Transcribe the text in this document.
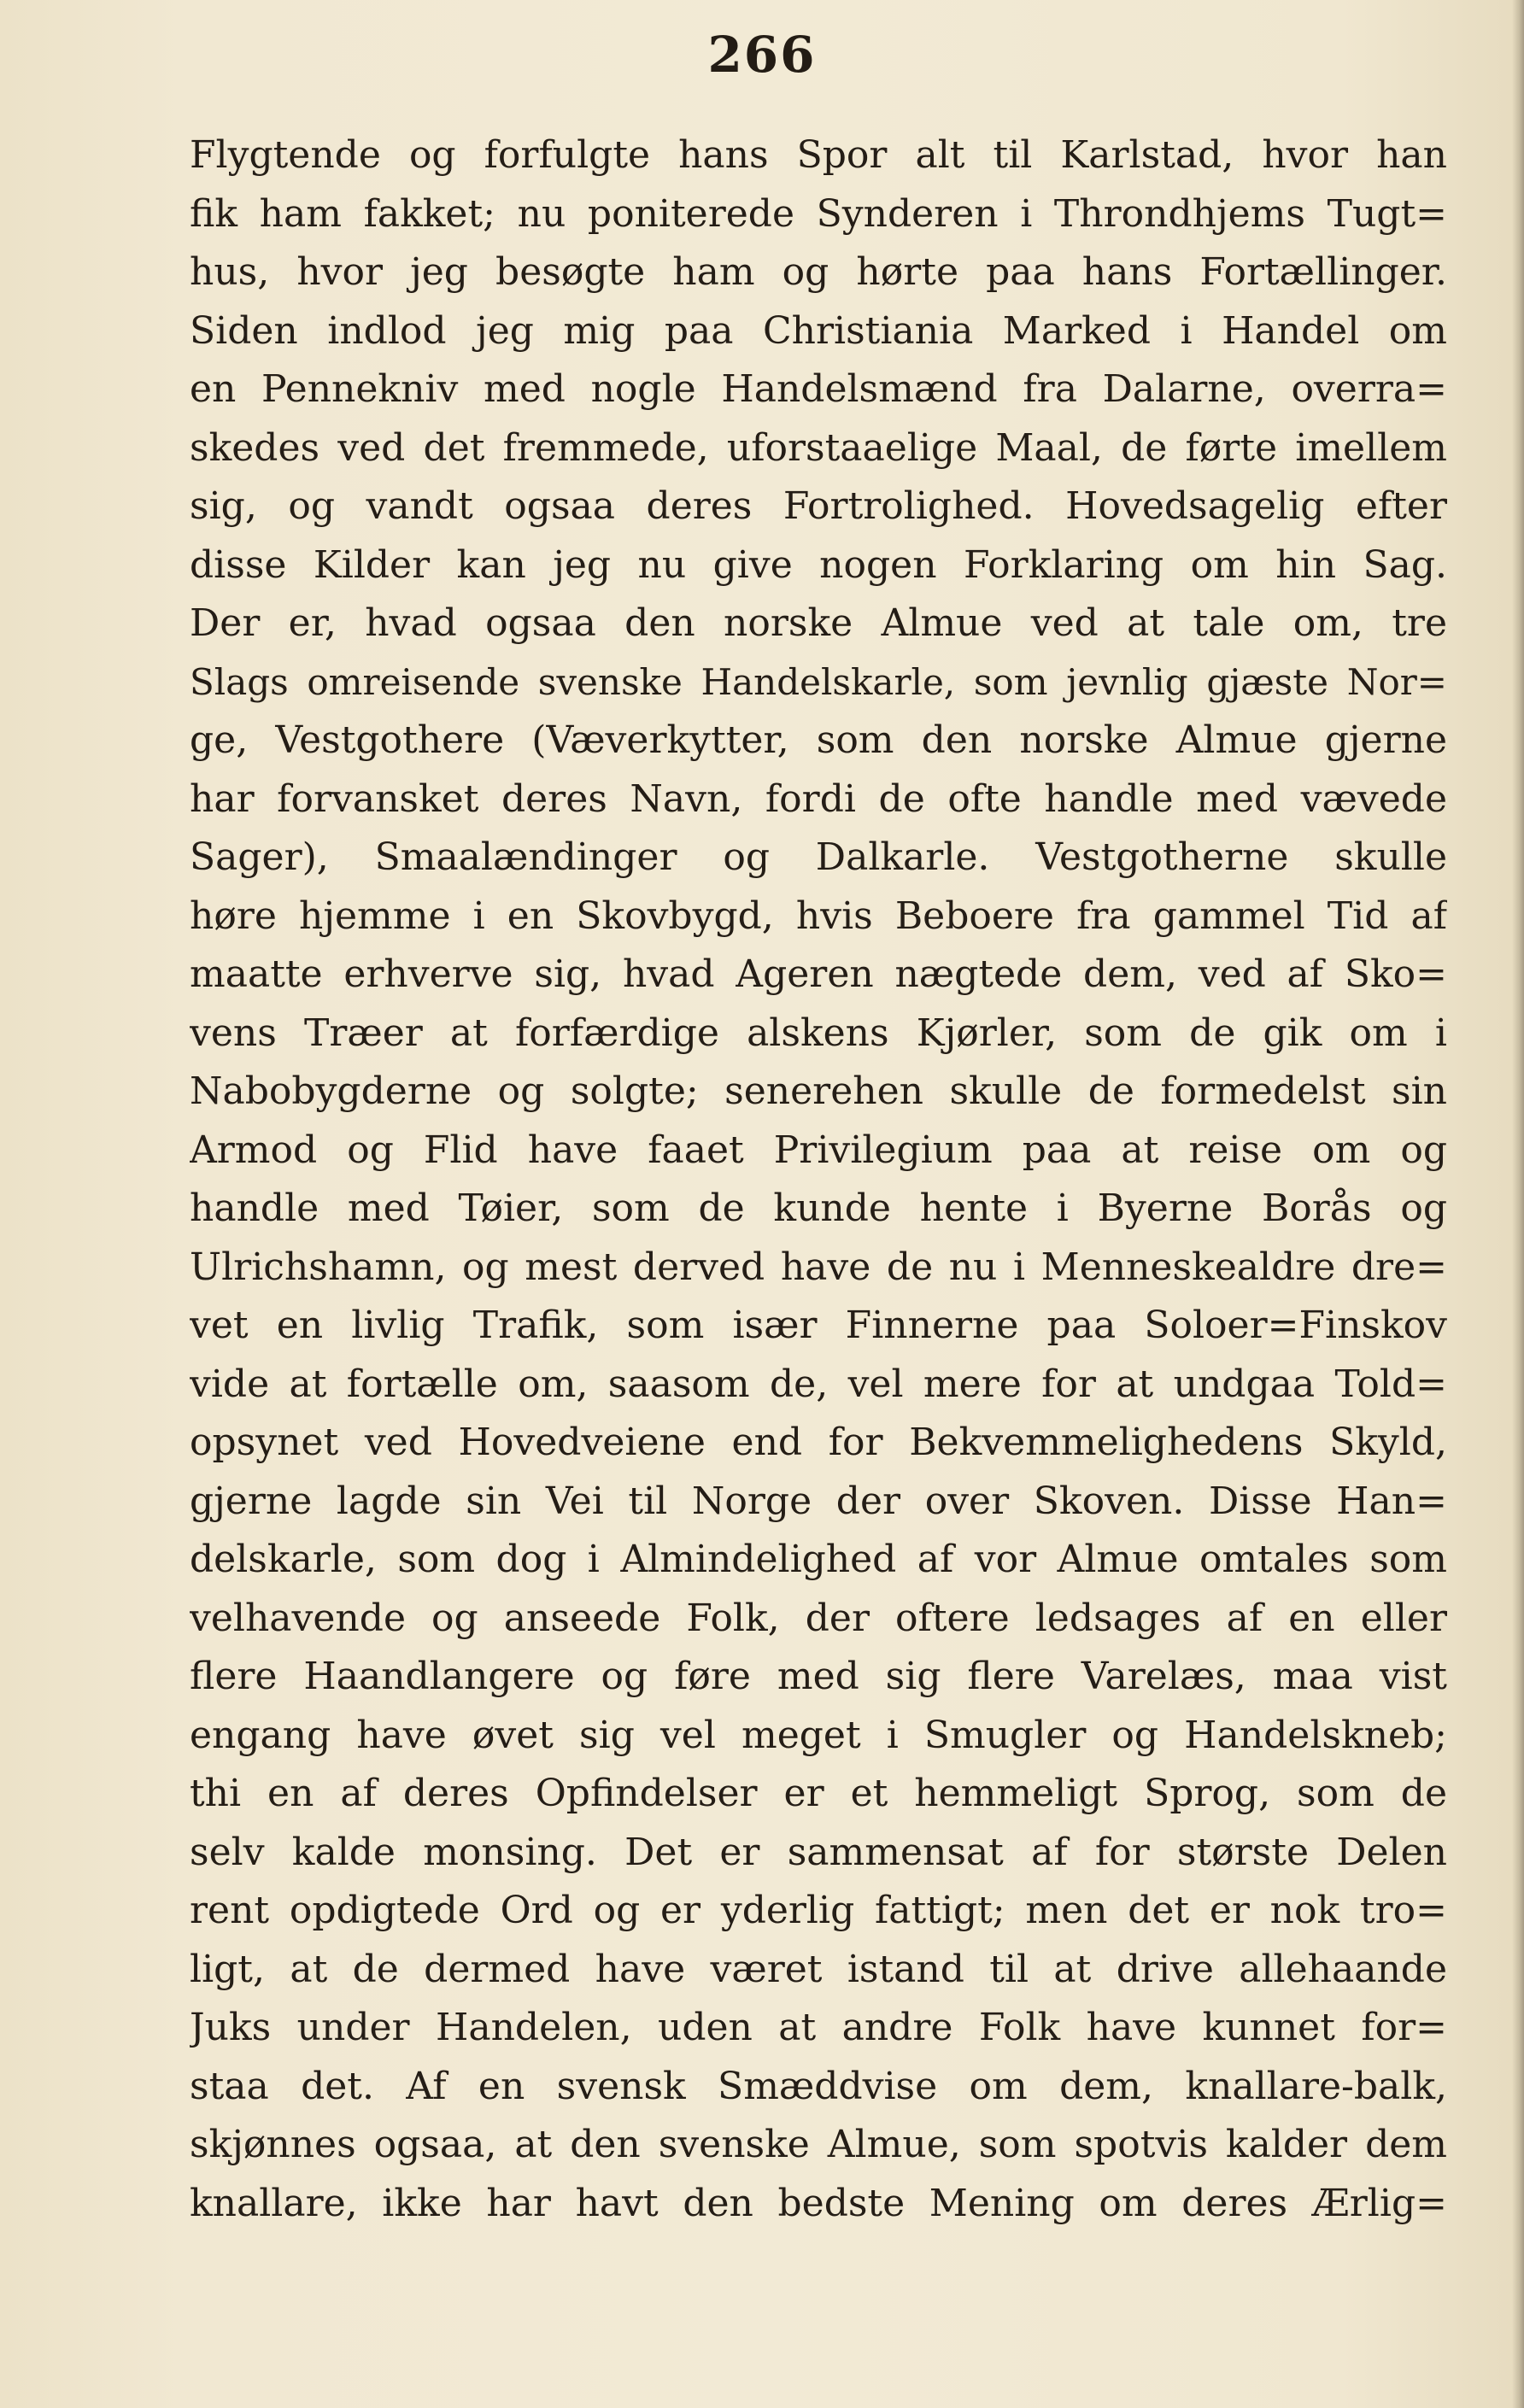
266
Flygtende og forfulgte hans Spor alt til Karlstad, hvor han
fik ham fakket; nu poniterede Synderen i Throndhjems Tugt=
hus, hvor jeg besøgte ham og hørte paa hans Fortællinger.
Siden indlod jeg mig paa Christiania Marked i Handel om
en Pennekniv med nogle Handelsmænd fra Dalarne, overra=
skedes ved det fremmede, uforstaaelige Maal, de førte imellem
sig, og vandt ogsaa deres Fortrolighed. Hovedsagelig efter
disse Kilder kan jeg nu give nogen Forklaring om hin Sag.
Der er, hvad ogsaa den norske Almue ved at tale om, tre
Slags omreisende svenske Handelskarle, som jevnlig gjæste Nor=
ge, Vestgothere (Væverkytter, som den norske Almue gjerne
har forvansket deres Navn, fordi de ofte handle med vævede
Sager), Smaalændinger og Dalkarle. Vestgotherne skulle
høre hjemme i en Skovbygd, hvis Beboere fra gammel Tid af
maatte erhverve sig, hvad Ageren nægtede dem, ved af Sko=
vens Træer at forfærdige alskens Kjørler, som de gik om i
Nabobygderne og solgte; senerehen skulle de formedelst sin
Armod og Flid have faaet Privilegium paa at reise om og
handle med Tøier, som de kunde hente i Byerne Borås og
Ulrichshamn, og mest derved have de nu i Menneskealdre dre=
vet en livlig Trafik, som især Finnerne paa Soloer=Finskov
vide at fortælle om, saasom de, vel mere for at undgaa Told=
opsynet ved Hovedveiene end for Bekvemmelighedens Skyld,
gjerne lagde sin Vei til Norge der over Skoven. Disse Han=
delskarle, som dog i Almindelighed af vor Almue omtales som
velhavende og anseede Folk, der oftere ledsages af en eller
flere Haandlangere og føre med sig flere Varelæs, maa vist
engang have øvet sig vel meget i Smugler og Handelskneb;
thi en af deres Opfindelser er et hemmeligt Sprog, som de
selv kalde monsing. Det er sammensat af for største Delen
rent opdigtede Ord og er yderlig fattigt; men det er nok tro=
ligt, at de dermed have været istand til at drive allehaande
Juks under Handelen, uden at andre Folk have kunnet for=
staa det. Af en svensk Smæddvise om dem, knallare-balk,
skjønnes ogsaa, at den svenske Almue, som spotvis kalder dem
knallare, ikke har havt den bedste Mening om deres Ærlig=
